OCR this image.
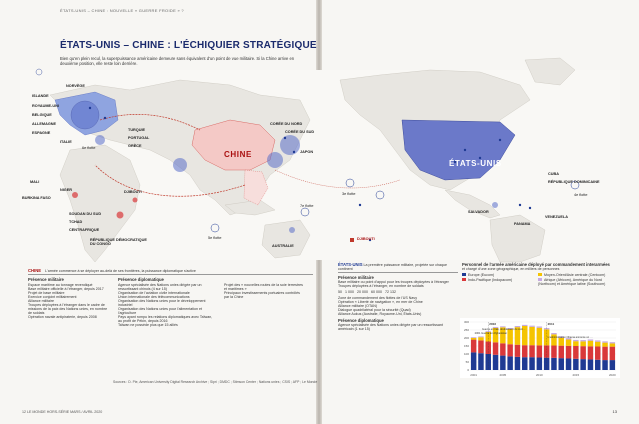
ÉTATS-UNIS – CHINE : NOUVELLE « GUERRE FROIDE » ?
ÉTATS-UNIS – CHINE : L'ÉCHIQUIER STRATÉGIQUE
Bien qu'en plein recul, la superpuissance américaine demeure sans équivalent d'un point de vue militaire. Si la Chine arrive en deuxième position, elle reste loin derrière.
CHINE
ÉTATS-UNIS
ISLANDE
NORVÈGE
ROYAUME-UNI
BELGIQUE
ALLEMAGNE
ESPAGNE
ITALIE
TURQUIE
PORTUGAL
GRÈCE
CORÉE DU NORD
CORÉE DU SUD
JAPON
MALI
NIGER	DJIBOUTI
BURKINA FASO
SOUDAN DU SUD
TCHAD
CENTRAFRIQUE
RÉPUBLIQUE DÉMOCRATIQUE DU CONGO	AUSTRALIE
CUBA
RÉPUBLIQUE DOMINICAINE
SALVADOR
PANAMA
VENEZUELA
DJIBOUTI
4e flotte
5e flotte
6e flotte
7e flotte
3e flotte
CHINE L'armée commence à se déployer au-delà de ses frontières, la puissance diplomatique s'active
Présence militaire
Espace maritime au tonnage revendiqué
Base militaire officielle à l'étranger, depuis 2017
Projet de base militaire
Exercice conjoint militairement
Alliance militaire
Troupes déployées à l'étranger dans le cadre de missions de la paix des Nations unies, en nombre de soldats
Opération navale antipiraterie, depuis 2008
Présence diplomatique
Agence spécialisée des Nations unies dirigée par un ressortissant chinois (4 sur 15)
Organisation de l'aviation civile internationale
Union internationale des télécommunications
Organisation des Nations unies pour le développement industriel
Organisation des Nations unies pour l'alimentation et l'agriculture
Pays ayant rompu les relations diplomatiques avec Taïwan, au profit de Pékin, depuis 2016
Taïwan ne possède plus que 15 alliés
Projet des « nouvelles routes de la soie terrestres et maritimes »
Principaux investissements portuaires contrôlés par la Chine
ÉTATS-UNIS La première puissance militaire, projetée sur chaque continent
Présence militaire
Base militaire ou point d'appui pour les troupes déployées à l'étranger
Troupes déployées à l'étranger, en nombre de soldats
50 1 000 20 000 60 000 72 132
Zone de commandement des flottes de l'US Navy
Opération « Liberté de navigation », en mer de Chine
Alliance militaire (OTAN)
Dialogue quadrilatéral pour la sécurité (Quad)
Alliance Aukus (Australie, Royaume-Uni, États-Unis)
Présence diplomatique
Agence spécialisée des Nations unies dirigée par un ressortissant américain (1 sur 15)
Personnel de l'armée américaine déployé par commandement interarmées
et chargé d'une zone géographique, en milliers de personnes
Europe (Eucom)	Moyen-Orient/Asie centrale (Centcom)
Indo-Pacifique (Indopacom)	Afrique (Africom), Amérique du Nord (Northcom) et Amérique latine (Southcom)
0
50
100
150
200
250
300
2001	2005	2010	2015	2020
2003	2011
Guerre en Irak, doublement du cont…
2001 Guerre en Afghanistan
L'administration Obama annonce un …
Sources : D. Pie, American University Digital Research Archive ; Sipri ; DMDC ; Stimson Center ; Nations unies ; CSIS ; AFP ; Le Monde
12 LE MONDE HORS-SÉRIE MARS / AVRIL 2020	13
